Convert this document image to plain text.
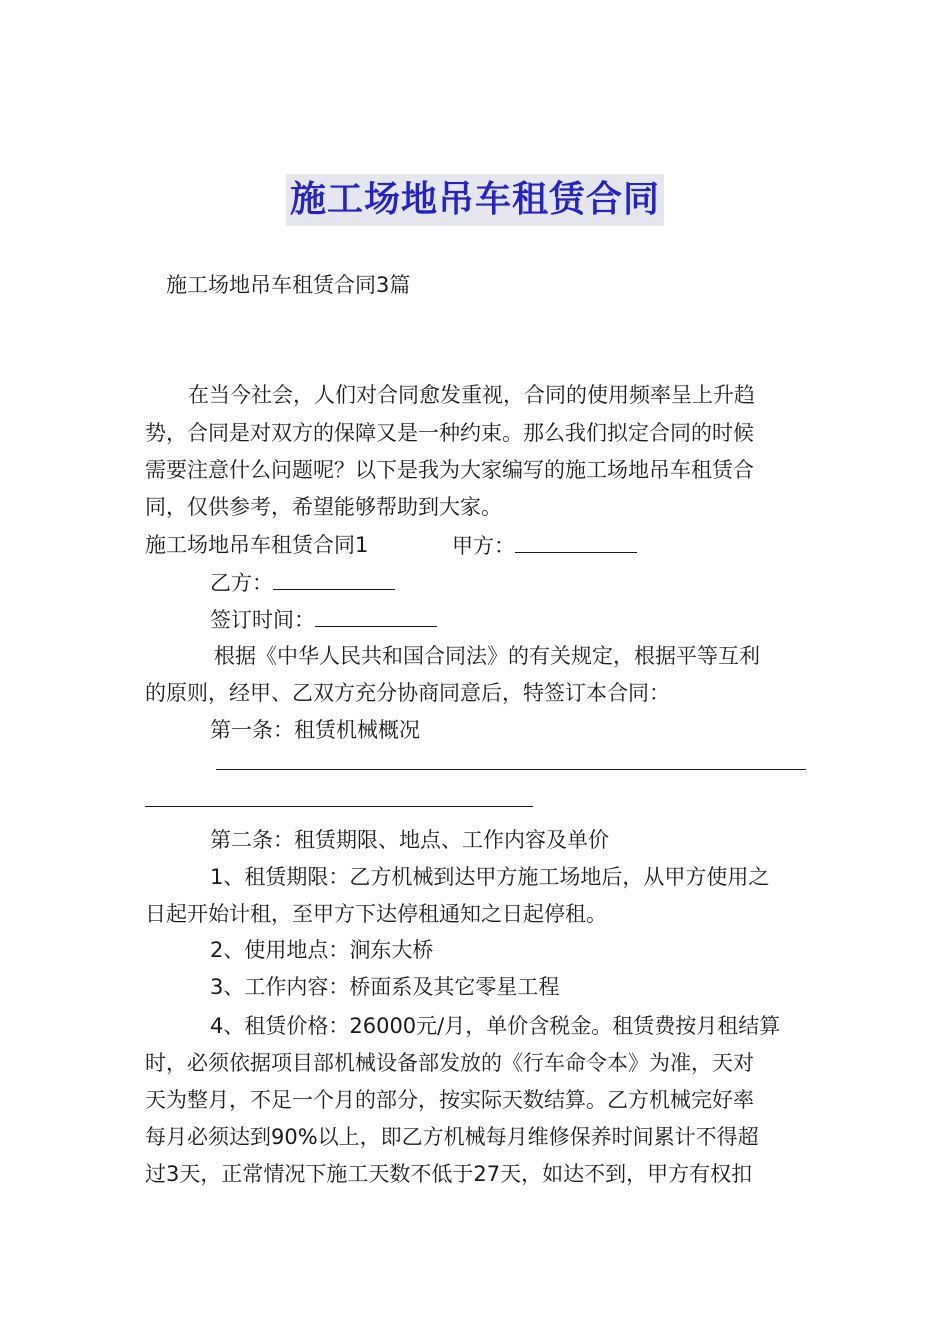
施工场地吊车租赁合同
施工场地吊车租赁合同3篇
在当今社会，人们对合同愈发重视，合同的使用频率呈上升趋
势，合同是对双方的保障又是一种约束。那么我们拟定合同的时候
需要注意什么问题呢？以下是我为大家编写的施工场地吊车租赁合
同，仅供参考，希望能够帮助到大家。
施工场地吊车租赁合同1	甲方：
乙方：
签订时间：
根据《中华人民共和国合同法》的有关规定，根据平等互利
的原则，经甲、乙双方充分协商同意后，特签订本合同：
第一条：租赁机械概况
第二条：租赁期限、地点、工作内容及单价
1、租赁期限：乙方机械到达甲方施工场地后，从甲方使用之
日起开始计租，至甲方下达停租通知之日起停租。
2、使用地点：涧东大桥
3、工作内容：桥面系及其它零星工程
4、租赁价格：26000元/月，单价含税金。租赁费按月租结算
时，必须依据项目部机械设备部发放的《行车命令本》为准，天对
天为整月，不足一个月的部分，按实际天数结算。乙方机械完好率
每月必须达到90%以上，即乙方机械每月维修保养时间累计不得超
过3天，正常情况下施工天数不低于27天，如达不到，甲方有权扣
